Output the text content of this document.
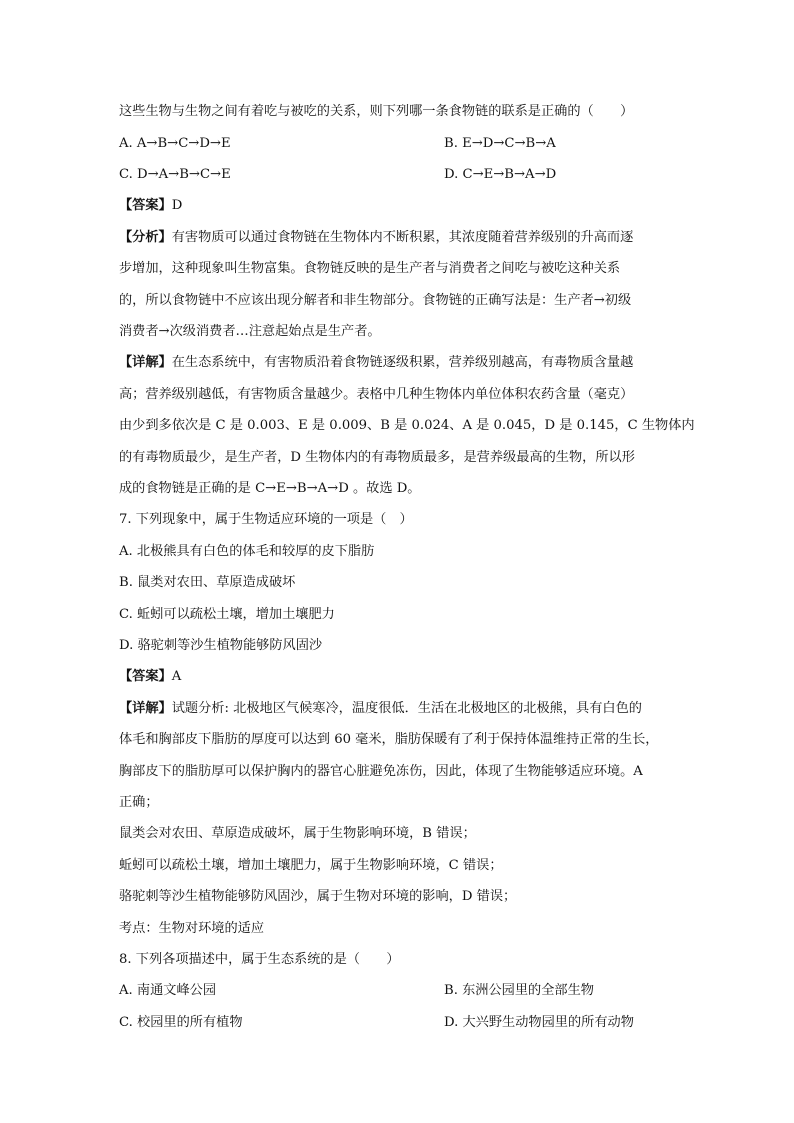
这些生物与生物之间有着吃与被吃的关系，则下列哪一条食物链的联系是正确的（　　）
A. A→B→C→D→E	B. E→D→C→B→A
C. D→A→B→C→E	D. C→E→B→A→D
【答案】D
【分析】有害物质可以通过食物链在生物体内不断积累，其浓度随着营养级别的升高而逐
步增加，这种现象叫生物富集。食物链反映的是生产者与消费者之间吃与被吃这种关系
的，所以食物链中不应该出现分解者和非生物部分。食物链的正确写法是：生产者→初级
消费者→次级消费者…注意起始点是生产者。
【详解】在生态系统中，有害物质沿着食物链逐级积累，营养级别越高，有毒物质含量越
高；营养级别越低，有害物质含量越少。表格中几种生物体内单位体积农药含量（毫克）
由少到多依次是 C 是 0.003、E 是 0.009、B 是 0.024、A 是 0.045，D 是 0.145，C 生物体内
的有毒物质最少，是生产者，D 生物体内的有毒物质最多，是营养级最高的生物，所以形
成的食物链是正确的是 C→E→B→A→D 。故选 D。
7. 下列现象中，属于生物适应环境的一项是（　）
A. 北极熊具有白色的体毛和较厚的皮下脂肪
B. 鼠类对农田、草原造成破坏
C. 蚯蚓可以疏松土壤，增加土壤肥力
D. 骆驼刺等沙生植物能够防风固沙
【答案】A
【详解】试题分析: 北极地区气候寒冷，温度很低．生活在北极地区的北极熊，具有白色的
体毛和胸部皮下脂肪的厚度可以达到 60 毫米，脂肪保暖有了利于保持体温维持正常的生长，
胸部皮下的脂肪厚可以保护胸内的器官心脏避免冻伤，因此，体现了生物能够适应环境。A
正确；
鼠类会对农田、草原造成破坏，属于生物影响环境，B 错误；
蚯蚓可以疏松土壤，增加土壤肥力，属于生物影响环境，C 错误；
骆驼刺等沙生植物能够防风固沙，属于生物对环境的影响，D 错误；
考点：生物对环境的适应
8. 下列各项描述中，属于生态系统的是（　　）
A. 南通文峰公园	B. 东洲公园里的全部生物
C. 校园里的所有植物	D. 大兴野生动物园里的所有动物
